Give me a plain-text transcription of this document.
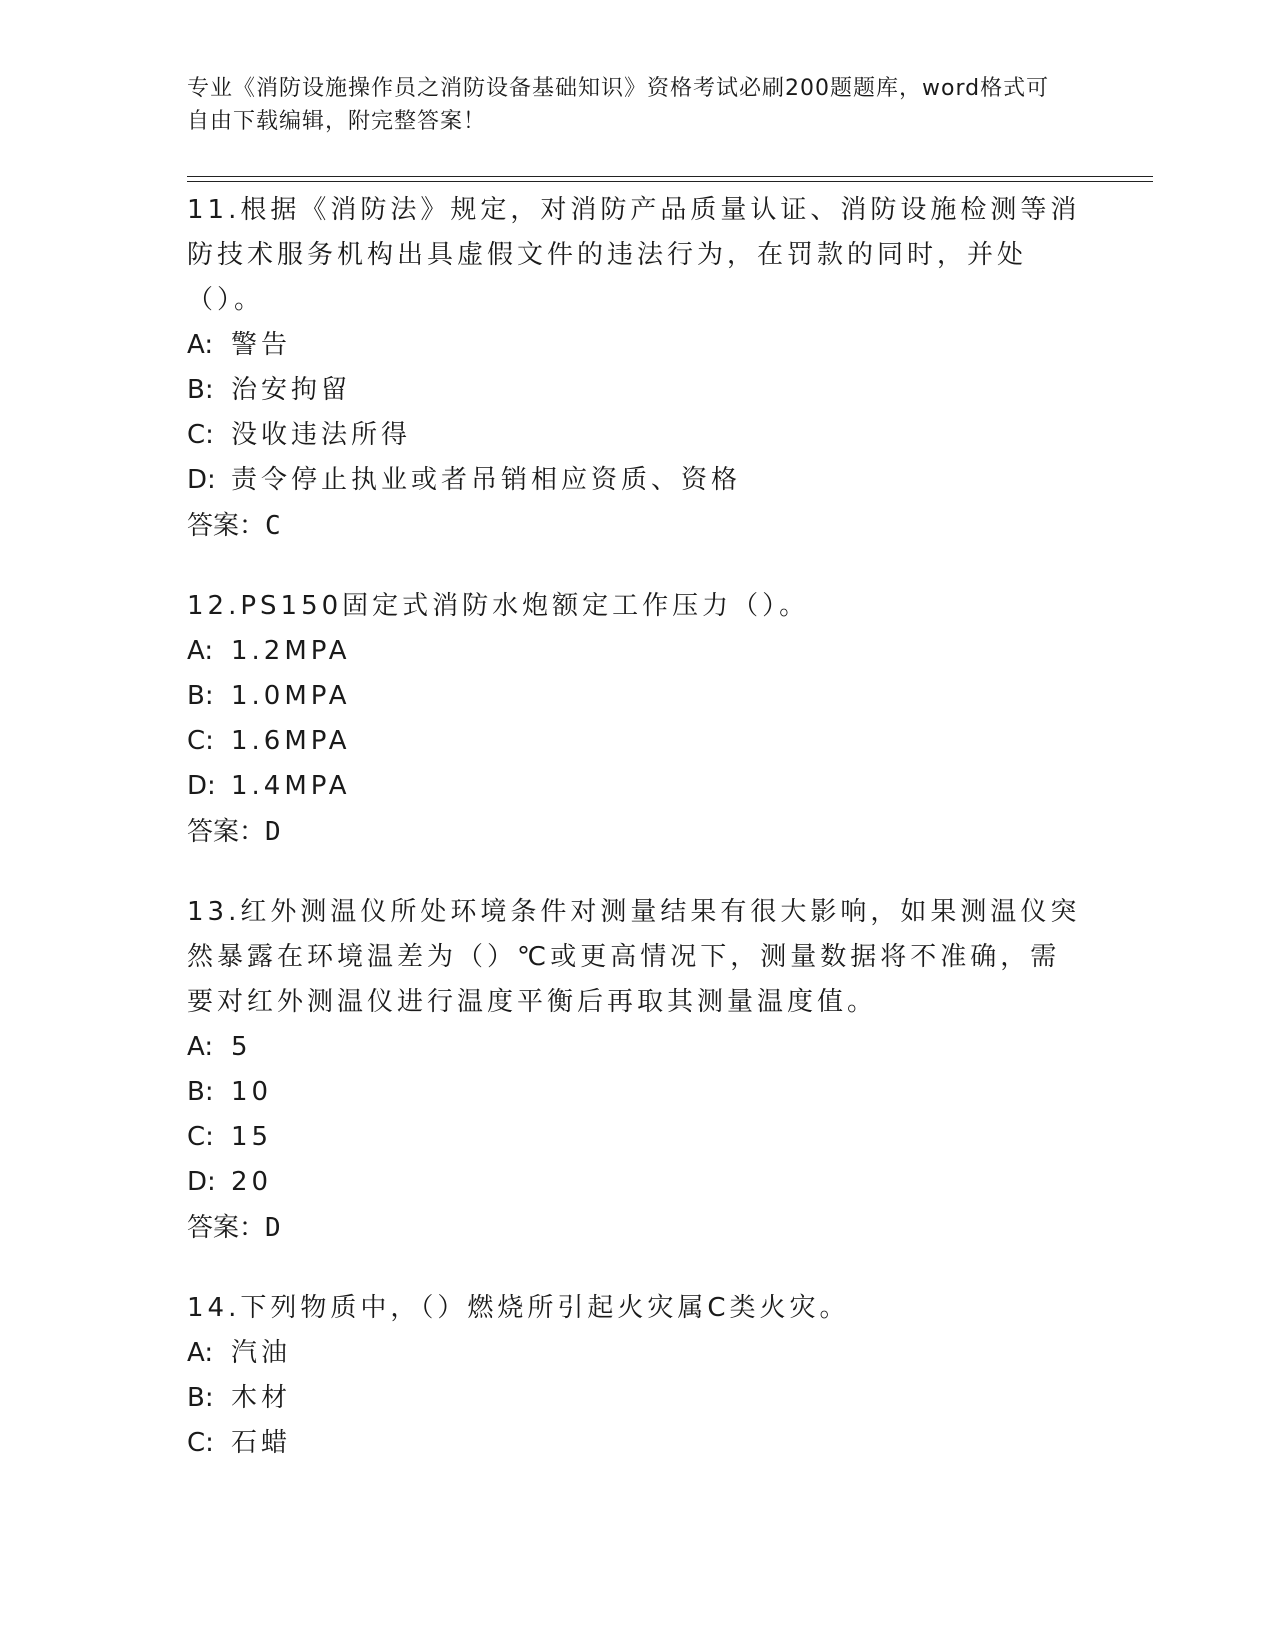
专业《消防设施操作员之消防设备基础知识》资格考试必刷200题题库，word格式可自由下载编辑，附完整答案！

11.根据《消防法》规定，对消防产品质量认证、消防设施检测等消防技术服务机构出具虚假文件的违法行为，在罚款的同时，并处（）。

A: 警告

B: 治安拘留

C: 没收违法所得

D: 责令停止执业或者吊销相应资质、资格

答案：C

12.PS150固定式消防水炮额定工作压力（）。

A: 1.2MPA

B: 1.0MPA

C: 1.6MPA

D: 1.4MPA

答案：D

13.红外测温仪所处环境条件对测量结果有很大影响，如果测温仪突然暴露在环境温差为（）℃或更高情况下，测量数据将不准确，需要对红外测温仪进行温度平衡后再取其测量温度值。

A: 5

B: 10

C: 15

D: 20

答案：D

14.下列物质中，（）燃烧所引起火灾属C类火灾。

A: 汽油

B: 木材

C: 石蜡
